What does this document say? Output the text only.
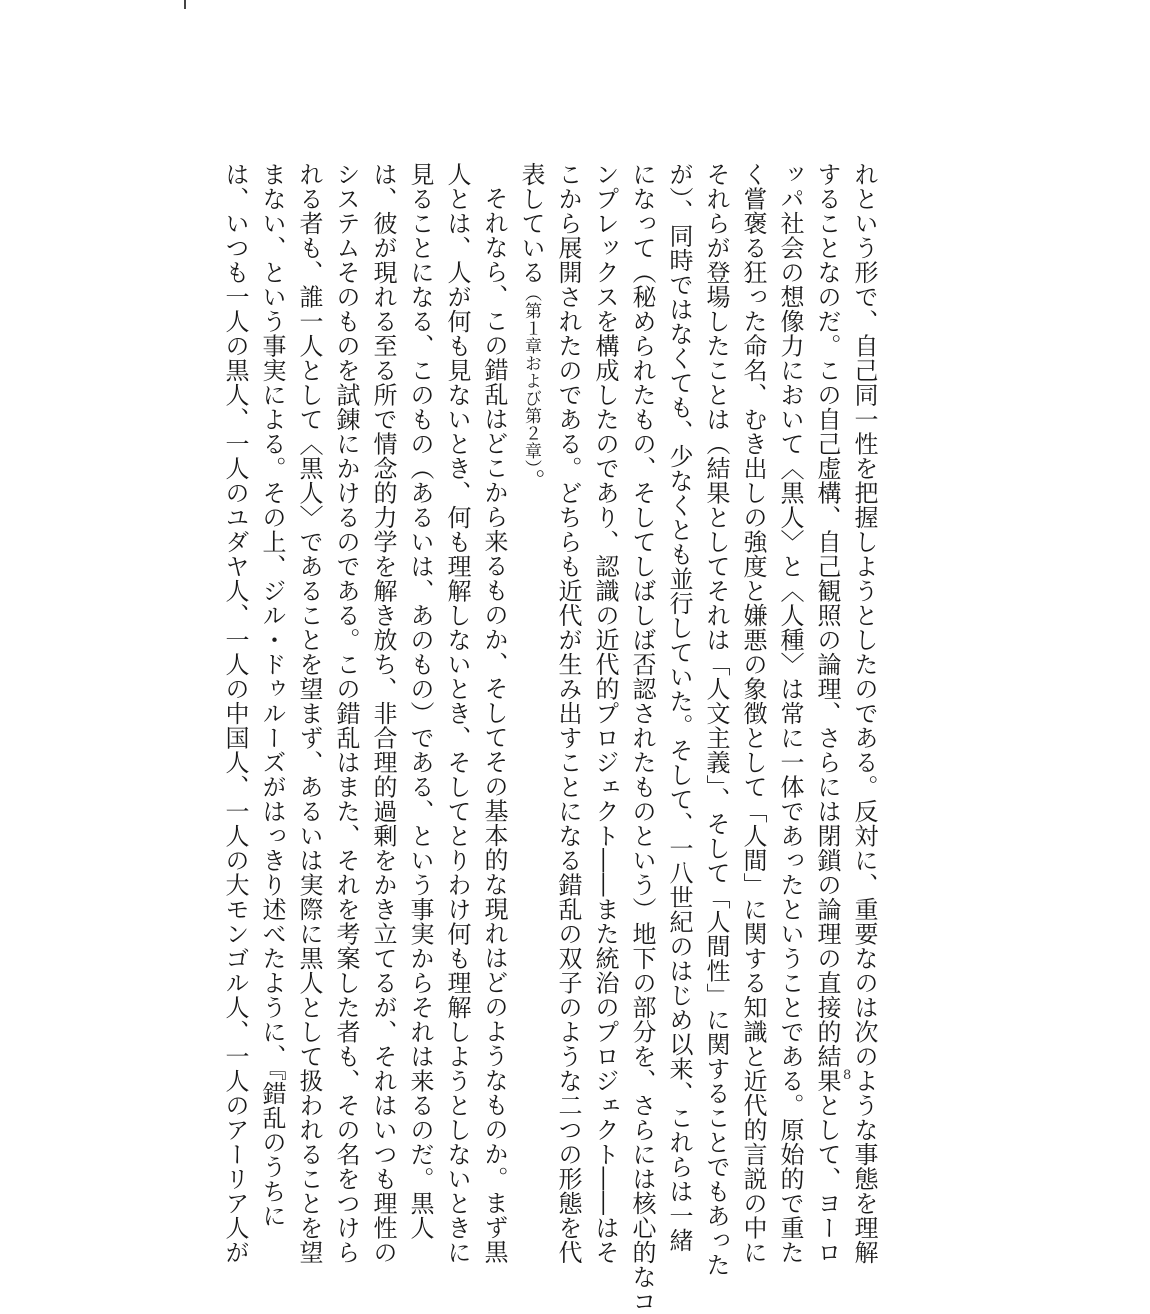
れという形で、自己同一性を把握しようとしたのである。反対に、重要なのは次のような事態を理解
することなのだ。この自己虚構、自己観照の論理、さらには閉鎖の論理の直接的結果として、ヨーロ
ッパ社会の想像力において〈黒人〉と〈人種〉は常に一体であったということである。原始的で重た
く嘗褒る狂った命名、むき出しの強度と嫌悪の象徴として「人間」に関する知識と近代的言説の中に
それらが登場したことは（結果としてそれは「人文主義」、そして「人間性」に関することでもあった
が）、同時ではなくても、少なくとも並行していた。そして、一八世紀のはじめ以来、これらは一緒
になって（秘められたもの、そしてしばしば否認されたものという）地下の部分を、さらには核心的なコ
ンプレックスを構成したのであり、認識の近代的プロジェクト――また統治のプロジェクト――はそ
こから展開されたのである。どちらも近代が生み出すことになる錯乱の双子のような二つの形態を代
表している（第１章および第２章）。
それなら、この錯乱はどこから来るものか、そしてその基本的な現れはどのようなものか。まず黒
人とは、人が何も見ないとき、何も理解しないとき、そしてとりわけ何も理解しようとしないときに
見ることになる、このもの（あるいは、あのもの）である、という事実からそれは来るのだ。黒人
は、彼が現れる至る所で情念的力学を解き放ち、非合理的過剰をかき立てるが、それはいつも理性の
システムそのものを試錬にかけるのである。この錯乱はまた、それを考案した者も、その名をつけら
れる者も、誰一人として〈黒人〉であることを望まず、あるいは実際に黒人として扱われることを望
まない、という事実による。その上、ジル・ドゥルーズがはっきり述べたように、『錯乱のうちに
は、いつも一人の黒人、一人のユダヤ人、一人の中国人、一人の大モンゴル人、一人のアーリア人が	8
